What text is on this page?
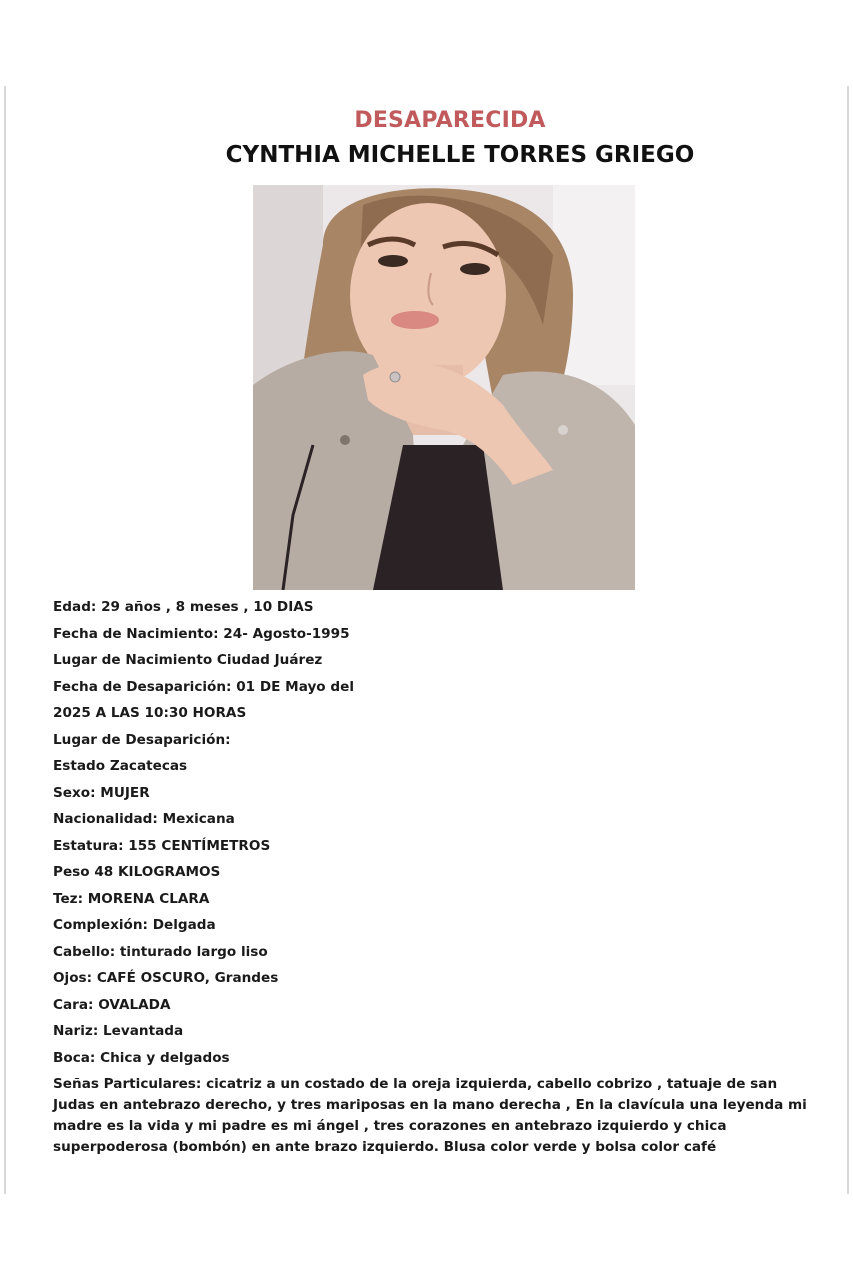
DESAPARECIDA
CYNTHIA MICHELLE TORRES GRIEGO
Edad: 29 años , 8 meses , 10 DIAS
Fecha de Nacimiento: 24- Agosto-1995
Lugar de Nacimiento Ciudad Juárez
Fecha de Desaparición: 01 DE Mayo del
2025 A LAS 10:30 HORAS
Lugar de Desaparición:
Estado Zacatecas
Sexo: MUJER
Nacionalidad: Mexicana
Estatura: 155 CENTÍMETROS
Peso 48 KILOGRAMOS
Tez: MORENA CLARA
Complexión: Delgada
Cabello: tinturado largo liso
Ojos: CAFÉ OSCURO, Grandes
Cara: OVALADA
Nariz: Levantada
Boca: Chica y delgados
Señas Particulares: cicatriz a un costado de la oreja izquierda, cabello cobrizo , tatuaje de san Judas en antebrazo derecho, y tres mariposas en la mano derecha , En la clavícula una leyenda mi madre es la vida y mi padre es mi ángel , tres corazones en antebrazo izquierdo y chica superpoderosa (bombón) en ante brazo izquierdo. Blusa color verde y bolsa color café
